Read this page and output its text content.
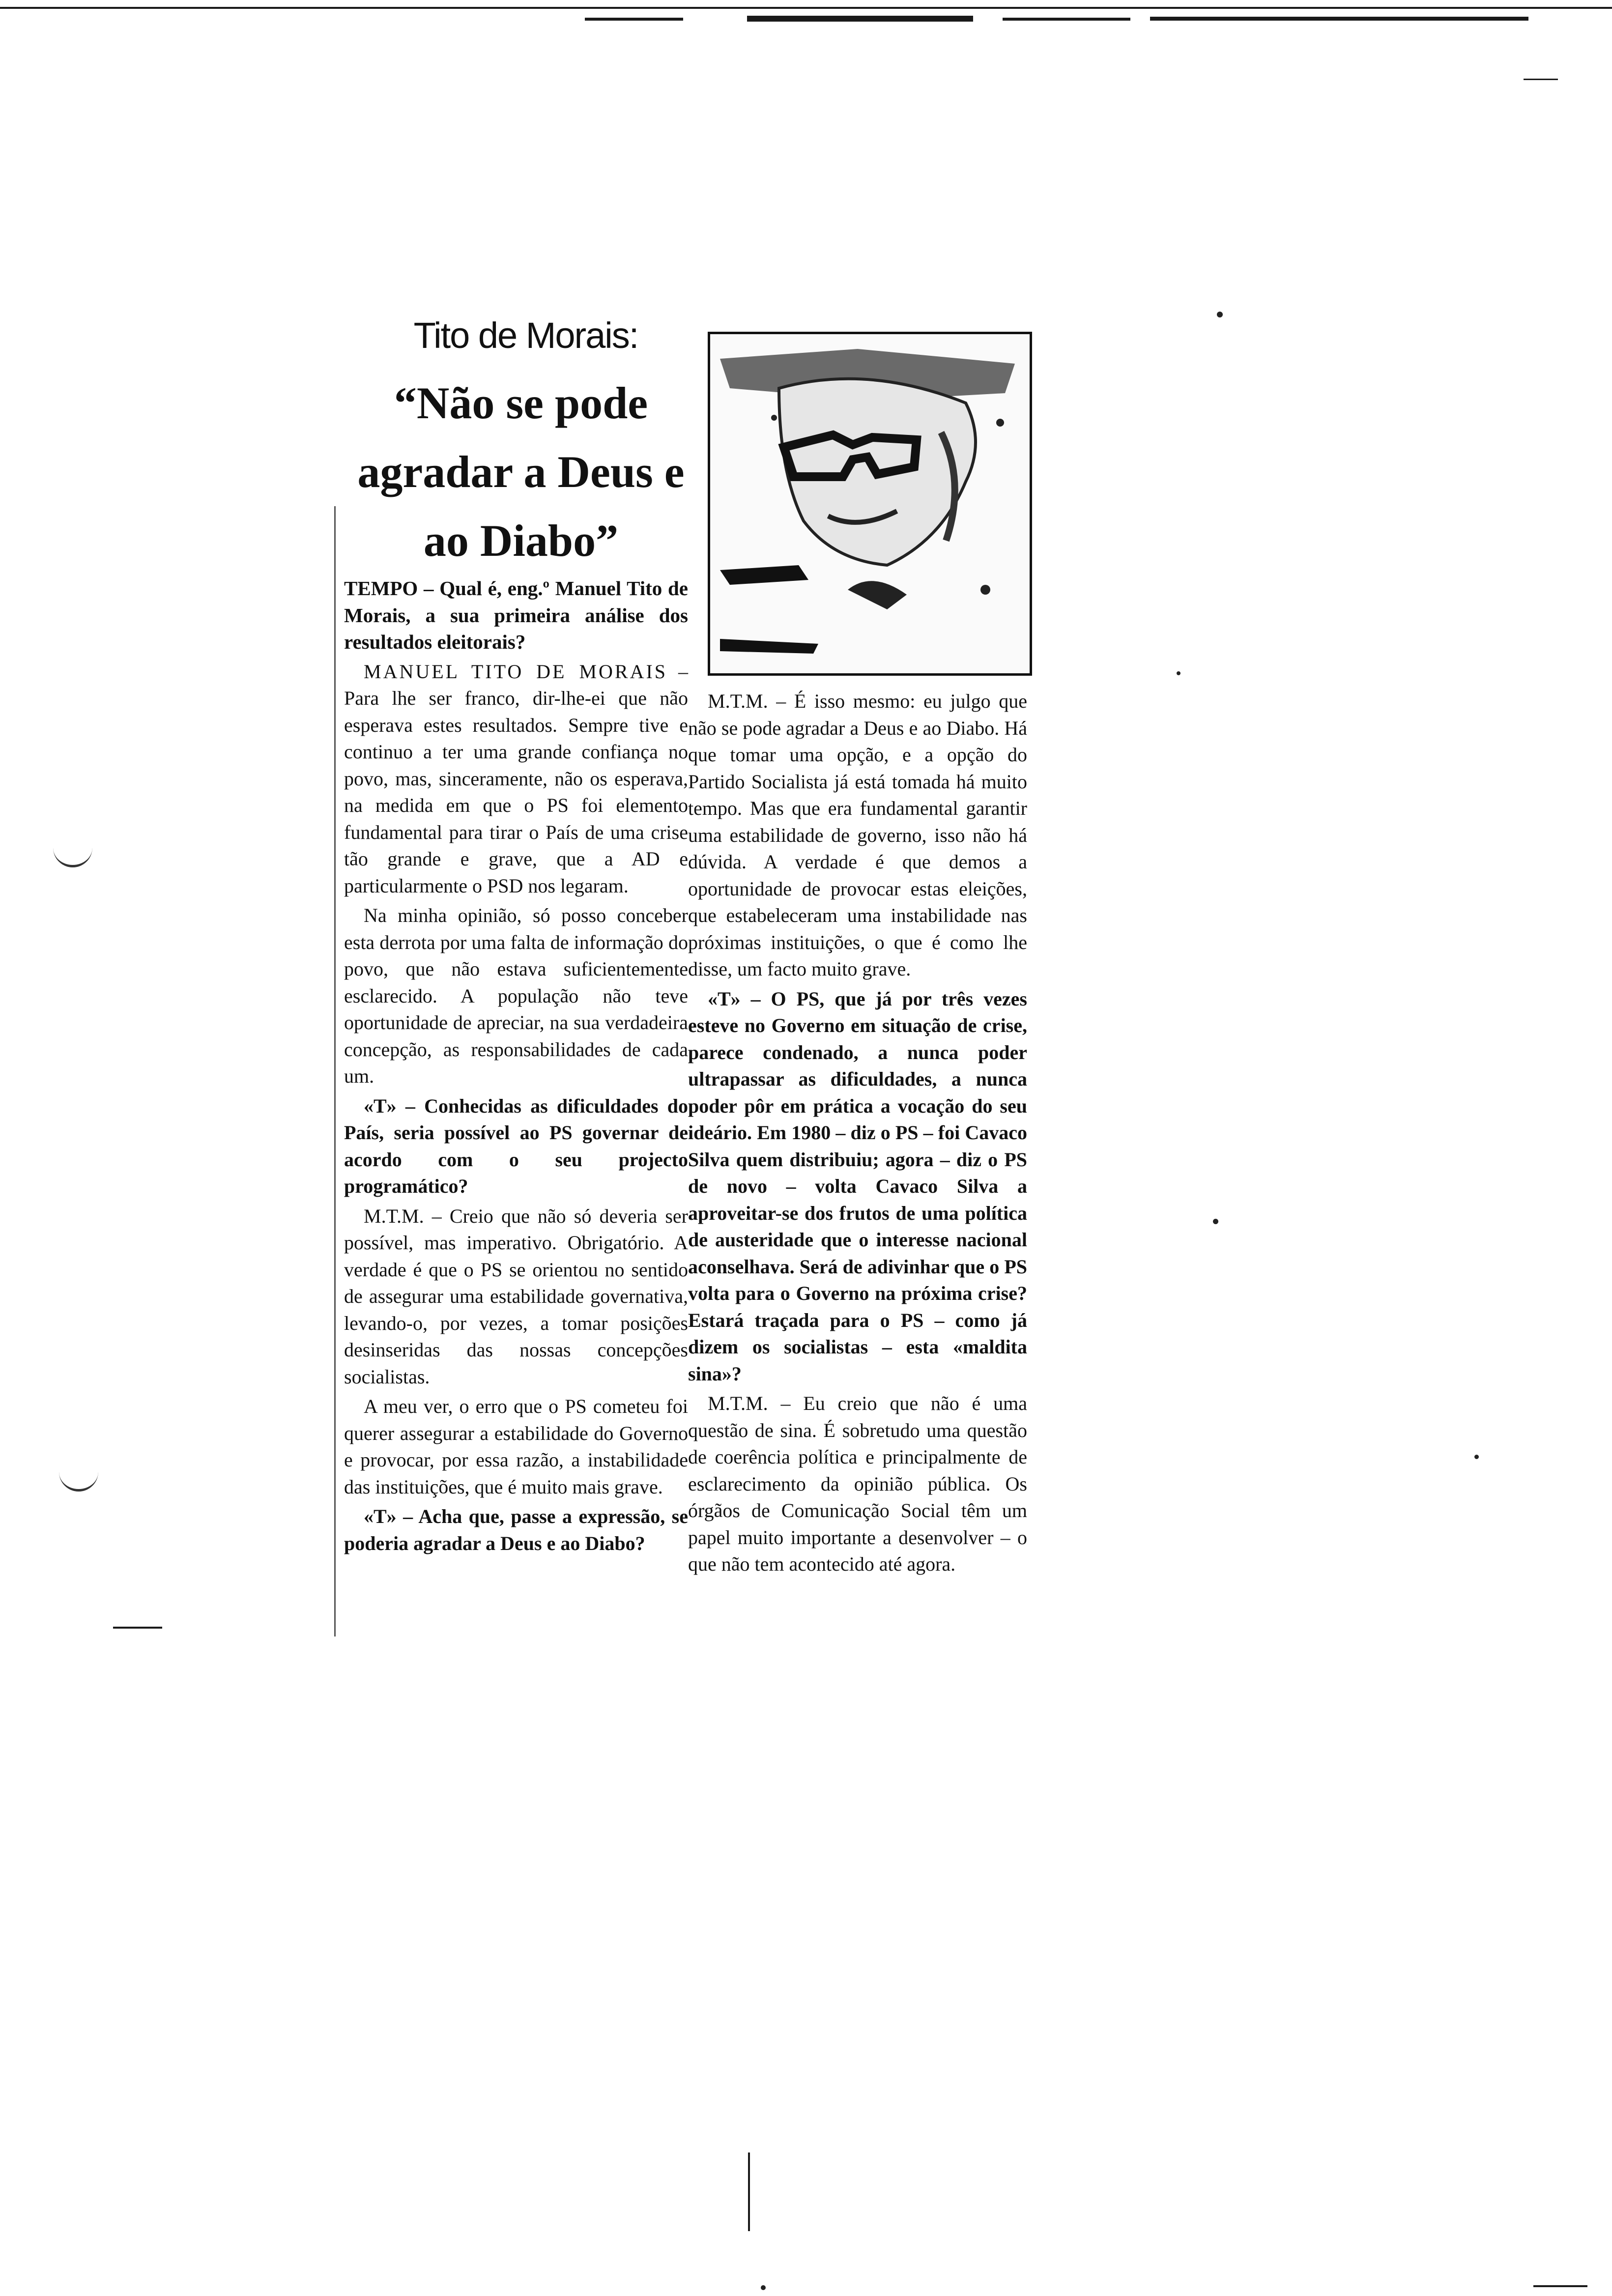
Tito de Morais:
“Não se pode agradar a Deus e ao Diabo”

TEMPO – Qual é, eng.º Manuel Tito de Morais, a sua primeira análise dos resultados eleitorais?

MANUEL TITO DE MORAIS – Para lhe ser franco, dir-lhe-ei que não esperava estes resultados. Sempre tive e continuo a ter uma grande confiança no povo, mas, sinceramente, não os esperava, na medida em que o PS foi elemento fundamental para tirar o País de uma crise tão grande e grave, que a AD e particularmente o PSD nos legaram.

Na minha opinião, só posso conceber esta derrota por uma falta de informação do povo, que não estava suficientemente esclarecido. A população não teve oportunidade de apreciar, na sua verdadeira concepção, as responsabilidades de cada um.

«T» – Conhecidas as dificuldades do País, seria possível ao PS governar de acordo com o seu projecto programático?

M.T.M. – Creio que não só deveria ser possível, mas imperativo. Obrigatório. A verdade é que o PS se orientou no sentido de assegurar uma estabilidade governativa, levando-o, por vezes, a tomar posições desinseridas das nossas concepções socialistas.

A meu ver, o erro que o PS cometeu foi querer assegurar a estabilidade do Governo e provocar, por essa razão, a instabilidade das instituições, que é muito mais grave.

«T» – Acha que, passe a expressão, se poderia agradar a Deus e ao Diabo?

M.T.M. – É isso mesmo: eu julgo que não se pode agradar a Deus e ao Diabo. Há que tomar uma opção, e a opção do Partido Socialista já está tomada há muito tempo. Mas que era fundamental garantir uma estabilidade de governo, isso não há dúvida. A verdade é que demos a oportunidade de provocar estas eleições, que estabeleceram uma instabilidade nas próximas instituições, o que é como lhe disse, um facto muito grave.

«T» – O PS, que já por três vezes esteve no Governo em situação de crise, parece condenado, a nunca poder ultrapassar as dificuldades, a nunca poder pôr em prática a vocação do seu ideário. Em 1980 – diz o PS – foi Cavaco Silva quem distribuiu; agora – diz o PS de novo – volta Cavaco Silva a aproveitar-se dos frutos de uma política de austeridade que o interesse nacional aconselhava. Será de adivinhar que o PS volta para o Governo na próxima crise? Estará traçada para o PS – como já dizem os socialistas – esta «maldita sina»?

M.T.M. – Eu creio que não é uma questão de sina. É sobretudo uma questão de coerência política e principalmente de esclarecimento da opinião pública. Os órgãos de Comunicação Social têm um papel muito importante a desenvolver – o que não tem acontecido até agora.
